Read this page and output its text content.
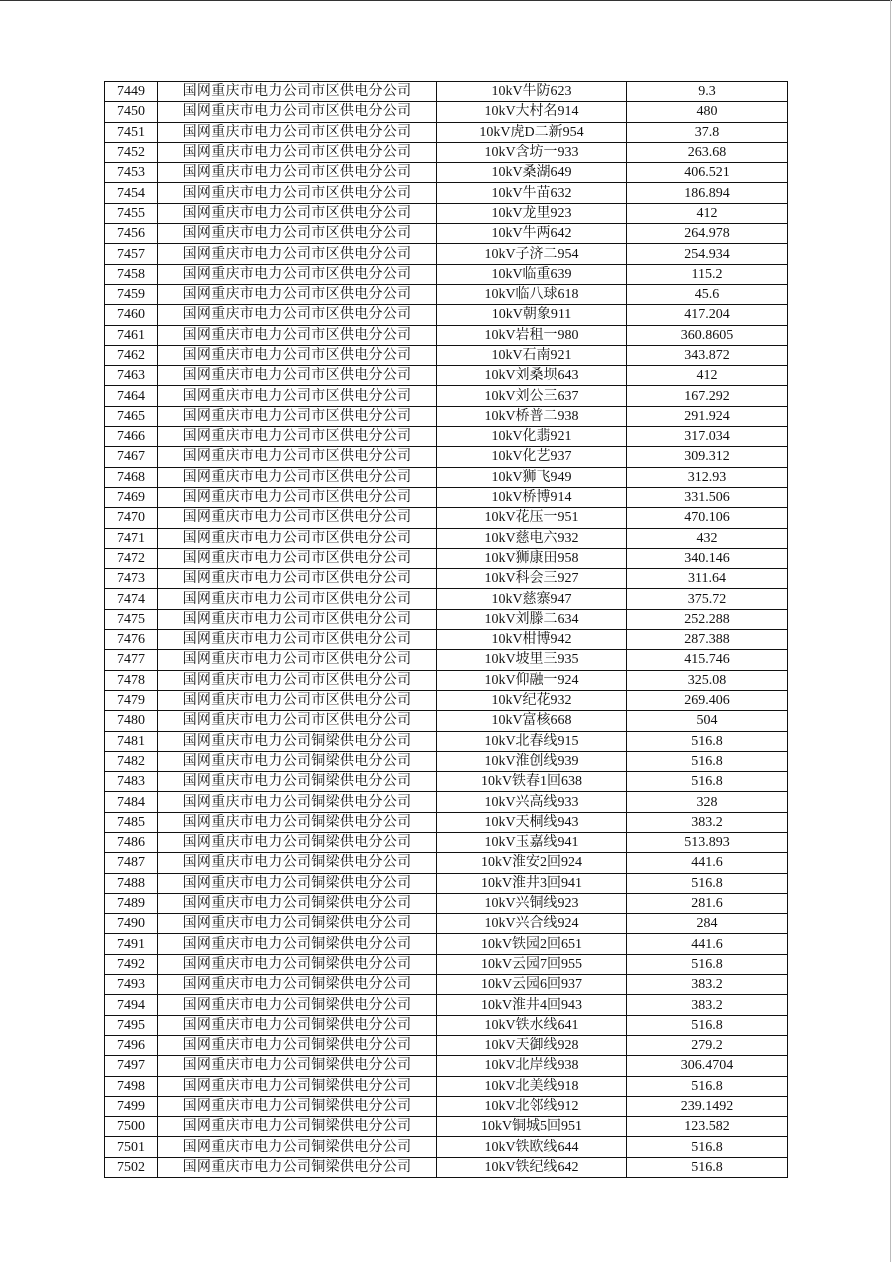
7449	国网重庆市电力公司市区供电分公司	10kV牛防623	9.3
7450	国网重庆市电力公司市区供电分公司	10kV大村名914	480
7451	国网重庆市电力公司市区供电分公司	10kV虎D二新954	37.8
7452	国网重庆市电力公司市区供电分公司	10kV含坊一933	263.68
7453	国网重庆市电力公司市区供电分公司	10kV桑湖649	406.521
7454	国网重庆市电力公司市区供电分公司	10kV牛苗632	186.894
7455	国网重庆市电力公司市区供电分公司	10kV龙里923	412
7456	国网重庆市电力公司市区供电分公司	10kV牛两642	264.978
7457	国网重庆市电力公司市区供电分公司	10kV子济二954	254.934
7458	国网重庆市电力公司市区供电分公司	10kV临重639	115.2
7459	国网重庆市电力公司市区供电分公司	10kV临八球618	45.6
7460	国网重庆市电力公司市区供电分公司	10kV朝象911	417.204
7461	国网重庆市电力公司市区供电分公司	10kV岩租一980	360.8605
7462	国网重庆市电力公司市区供电分公司	10kV石南921	343.872
7463	国网重庆市电力公司市区供电分公司	10kV刘桑坝643	412
7464	国网重庆市电力公司市区供电分公司	10kV刘公三637	167.292
7465	国网重庆市电力公司市区供电分公司	10kV桥普二938	291.924
7466	国网重庆市电力公司市区供电分公司	10kV化翡921	317.034
7467	国网重庆市电力公司市区供电分公司	10kV化艺937	309.312
7468	国网重庆市电力公司市区供电分公司	10kV狮飞949	312.93
7469	国网重庆市电力公司市区供电分公司	10kV桥博914	331.506
7470	国网重庆市电力公司市区供电分公司	10kV花压一951	470.106
7471	国网重庆市电力公司市区供电分公司	10kV慈电六932	432
7472	国网重庆市电力公司市区供电分公司	10kV狮康田958	340.146
7473	国网重庆市电力公司市区供电分公司	10kV科会三927	311.64
7474	国网重庆市电力公司市区供电分公司	10kV慈寨947	375.72
7475	国网重庆市电力公司市区供电分公司	10kV刘滕二634	252.288
7476	国网重庆市电力公司市区供电分公司	10kV柑博942	287.388
7477	国网重庆市电力公司市区供电分公司	10kV坡里三935	415.746
7478	国网重庆市电力公司市区供电分公司	10kV仰融一924	325.08
7479	国网重庆市电力公司市区供电分公司	10kV纪花932	269.406
7480	国网重庆市电力公司市区供电分公司	10kV富核668	504
7481	国网重庆市电力公司铜梁供电分公司	10kV北春线915	516.8
7482	国网重庆市电力公司铜梁供电分公司	10kV淮创线939	516.8
7483	国网重庆市电力公司铜梁供电分公司	10kV铁春1回638	516.8
7484	国网重庆市电力公司铜梁供电分公司	10kV兴高线933	328
7485	国网重庆市电力公司铜梁供电分公司	10kV天桐线943	383.2
7486	国网重庆市电力公司铜梁供电分公司	10kV玉嘉线941	513.893
7487	国网重庆市电力公司铜梁供电分公司	10kV淮安2回924	441.6
7488	国网重庆市电力公司铜梁供电分公司	10kV淮井3回941	516.8
7489	国网重庆市电力公司铜梁供电分公司	10kV兴铜线923	281.6
7490	国网重庆市电力公司铜梁供电分公司	10kV兴合线924	284
7491	国网重庆市电力公司铜梁供电分公司	10kV铁园2回651	441.6
7492	国网重庆市电力公司铜梁供电分公司	10kV云园7回955	516.8
7493	国网重庆市电力公司铜梁供电分公司	10kV云园6回937	383.2
7494	国网重庆市电力公司铜梁供电分公司	10kV淮井4回943	383.2
7495	国网重庆市电力公司铜梁供电分公司	10kV铁水线641	516.8
7496	国网重庆市电力公司铜梁供电分公司	10kV天御线928	279.2
7497	国网重庆市电力公司铜梁供电分公司	10kV北岸线938	306.4704
7498	国网重庆市电力公司铜梁供电分公司	10kV北美线918	516.8
7499	国网重庆市电力公司铜梁供电分公司	10kV北邻线912	239.1492
7500	国网重庆市电力公司铜梁供电分公司	10kV铜城5回951	123.582
7501	国网重庆市电力公司铜梁供电分公司	10kV铁欧线644	516.8
7502	国网重庆市电力公司铜梁供电分公司	10kV铁纪线642	516.8
